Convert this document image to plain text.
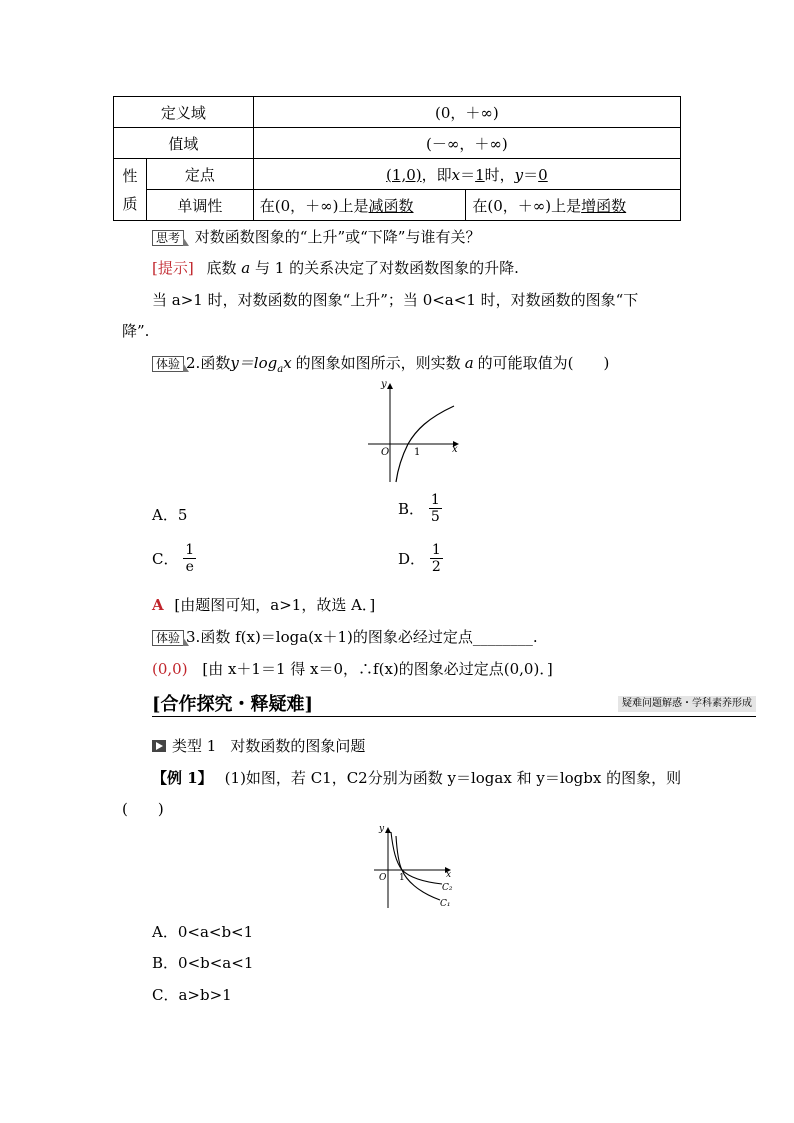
定义域		(0，＋∞)	
值域		(－∞，＋∞)	

性
质	定点	(1,0)，即x＝1时，y＝0	
	单调性	在(0，＋∞)上是减函数	在(0，＋∞)上是增函数
思考 对数函数图象的“上升”或“下降”与谁有关？
[提示] 底数 a 与 1 的关系决定了对数函数图象的升降.
当 a>1 时，对数函数的图象“上升”；当 0<a<1 时，对数函数的图象“下
降”.
体验 2.函数$y=\log_ax$ 的图象如图所示，则实数 a 的可能取值为(　　)
y
x
O 1
A．5	B． $\frac{1}{5}$
C． $\frac{1}{e}$	D． $\frac{1}{2}$
A [由题图可知，a>1，故选 A．]
体验 3.函数 f(x)＝loga(x＋1)的图象必经过定点________.
(0,0) [由 x＋1＝1 得 x＝0，∴f(x)的图象必过定点(0,0)．]
[合作探究・释疑难]	疑难问题解惑・学科素养形成
类型 1 对数函数的图象问题
【例 1】 (1)如图，若 C1，C2分别为函数 y＝logax 和 y＝logbx 的图象，则
(　　)
y
x
O 1
C₂
C₁
A．0<a<b<1
B．0<b<a<1
C．a>b>1
